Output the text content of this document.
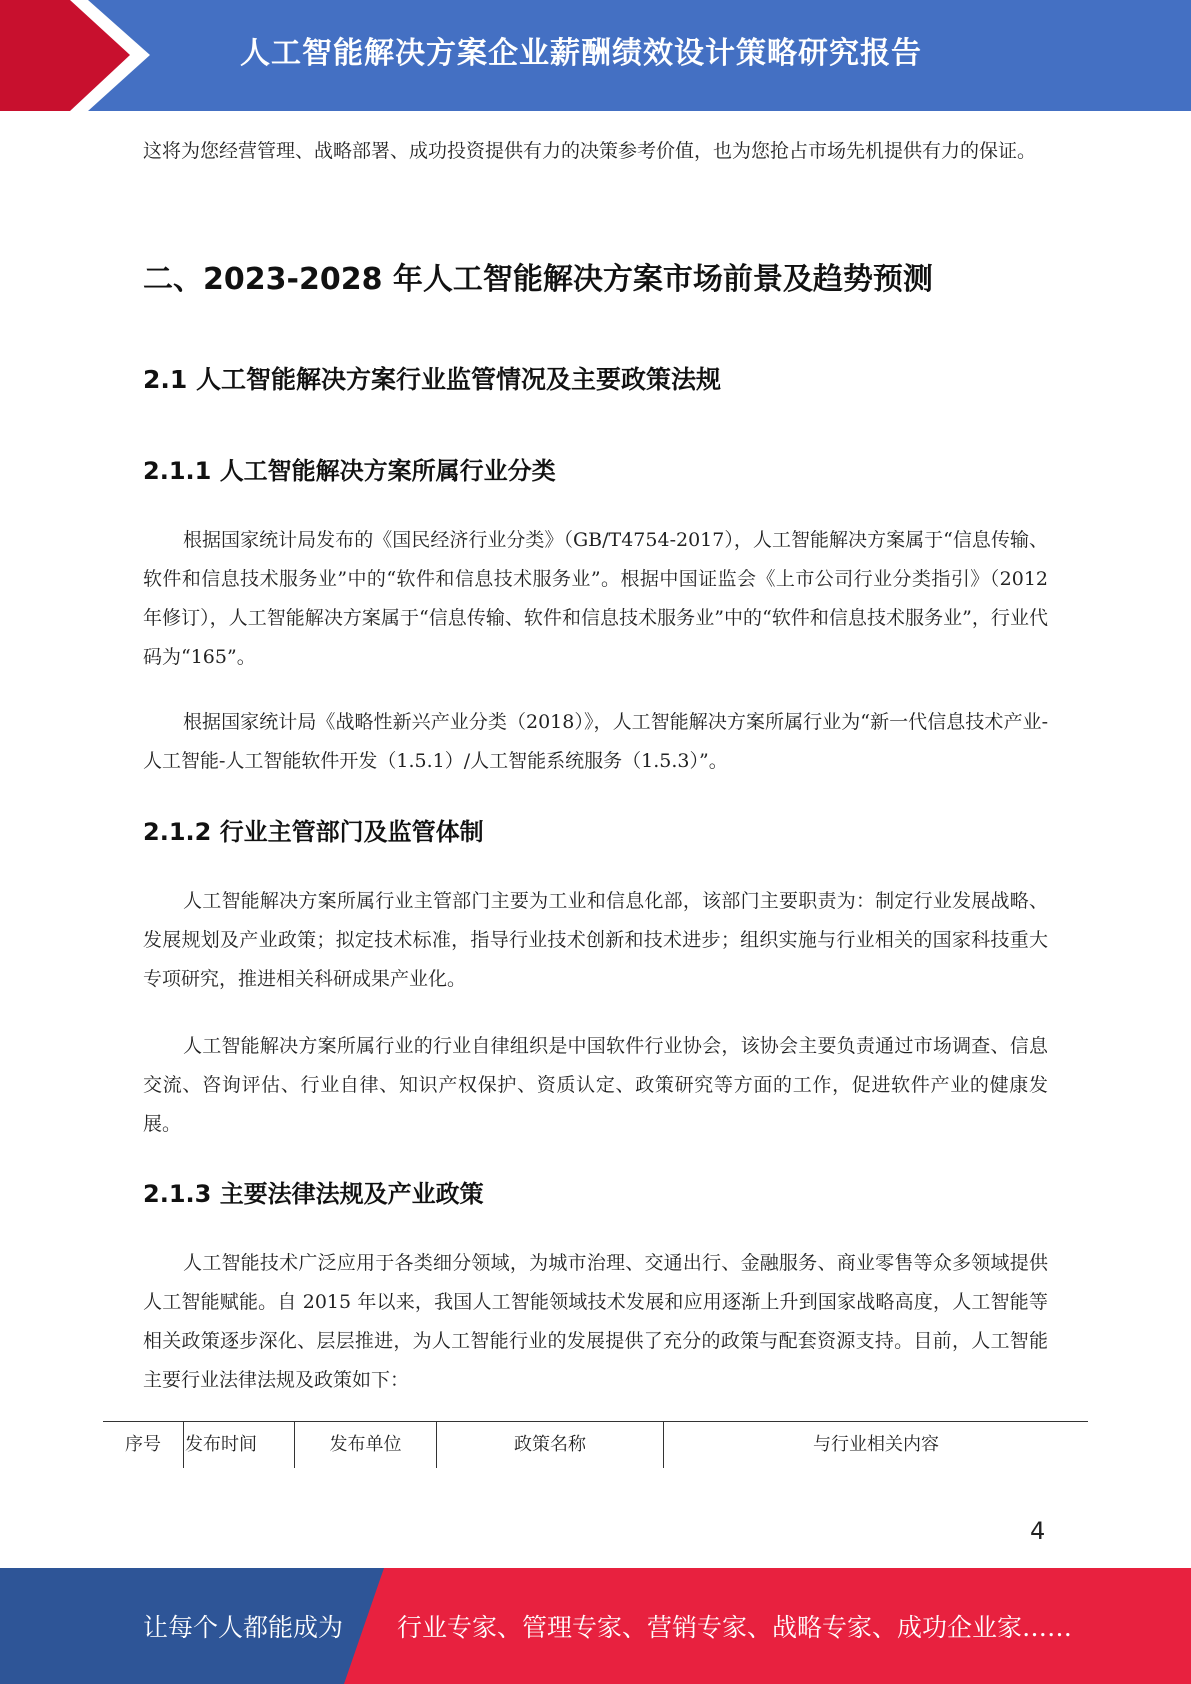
人工智能解决方案企业薪酬绩效设计策略研究报告
这将为您经营管理、战略部署、成功投资提供有力的决策参考价值，也为您抢占市场先机提供有力的保证。
二、2023-2028 年人工智能解决方案市场前景及趋势预测
2.1 人工智能解决方案行业监管情况及主要政策法规
2.1.1 人工智能解决方案所属行业分类
根据国家统计局发布的《国民经济行业分类》（GB/T4754-2017），人工智能解决方案属于“信息传输、软件和信息技术服务业”中的“软件和信息技术服务业”。根据中国证监会《上市公司行业分类指引》（2012 年修订），人工智能解决方案属于“信息传输、软件和信息技术服务业”中的“软件和信息技术服务业”，行业代码为“165”。
根据国家统计局《战略性新兴产业分类（2018）》，人工智能解决方案所属行业为“新一代信息技术产业-人工智能-人工智能软件开发（1.5.1）/人工智能系统服务（1.5.3）”。
2.1.2 行业主管部门及监管体制
人工智能解决方案所属行业主管部门主要为工业和信息化部，该部门主要职责为：制定行业发展战略、发展规划及产业政策；拟定技术标准，指导行业技术创新和技术进步；组织实施与行业相关的国家科技重大专项研究，推进相关科研成果产业化。
人工智能解决方案所属行业的行业自律组织是中国软件行业协会，该协会主要负责通过市场调查、信息交流、咨询评估、行业自律、知识产权保护、资质认定、政策研究等方面的工作，促进软件产业的健康发展。
2.1.3 主要法律法规及产业政策
人工智能技术广泛应用于各类细分领域，为城市治理、交通出行、金融服务、商业零售等众多领域提供人工智能赋能。自 2015 年以来，我国人工智能领域技术发展和应用逐渐上升到国家战略高度，人工智能等相关政策逐步深化、层层推进，为人工智能行业的发展提供了充分的政策与配套资源支持。目前，人工智能主要行业法律法规及政策如下：
序号	发布时间	发布单位	政策名称	与行业相关内容
4
让每个人都能成为 行业专家、管理专家、营销专家、战略专家、成功企业家……
